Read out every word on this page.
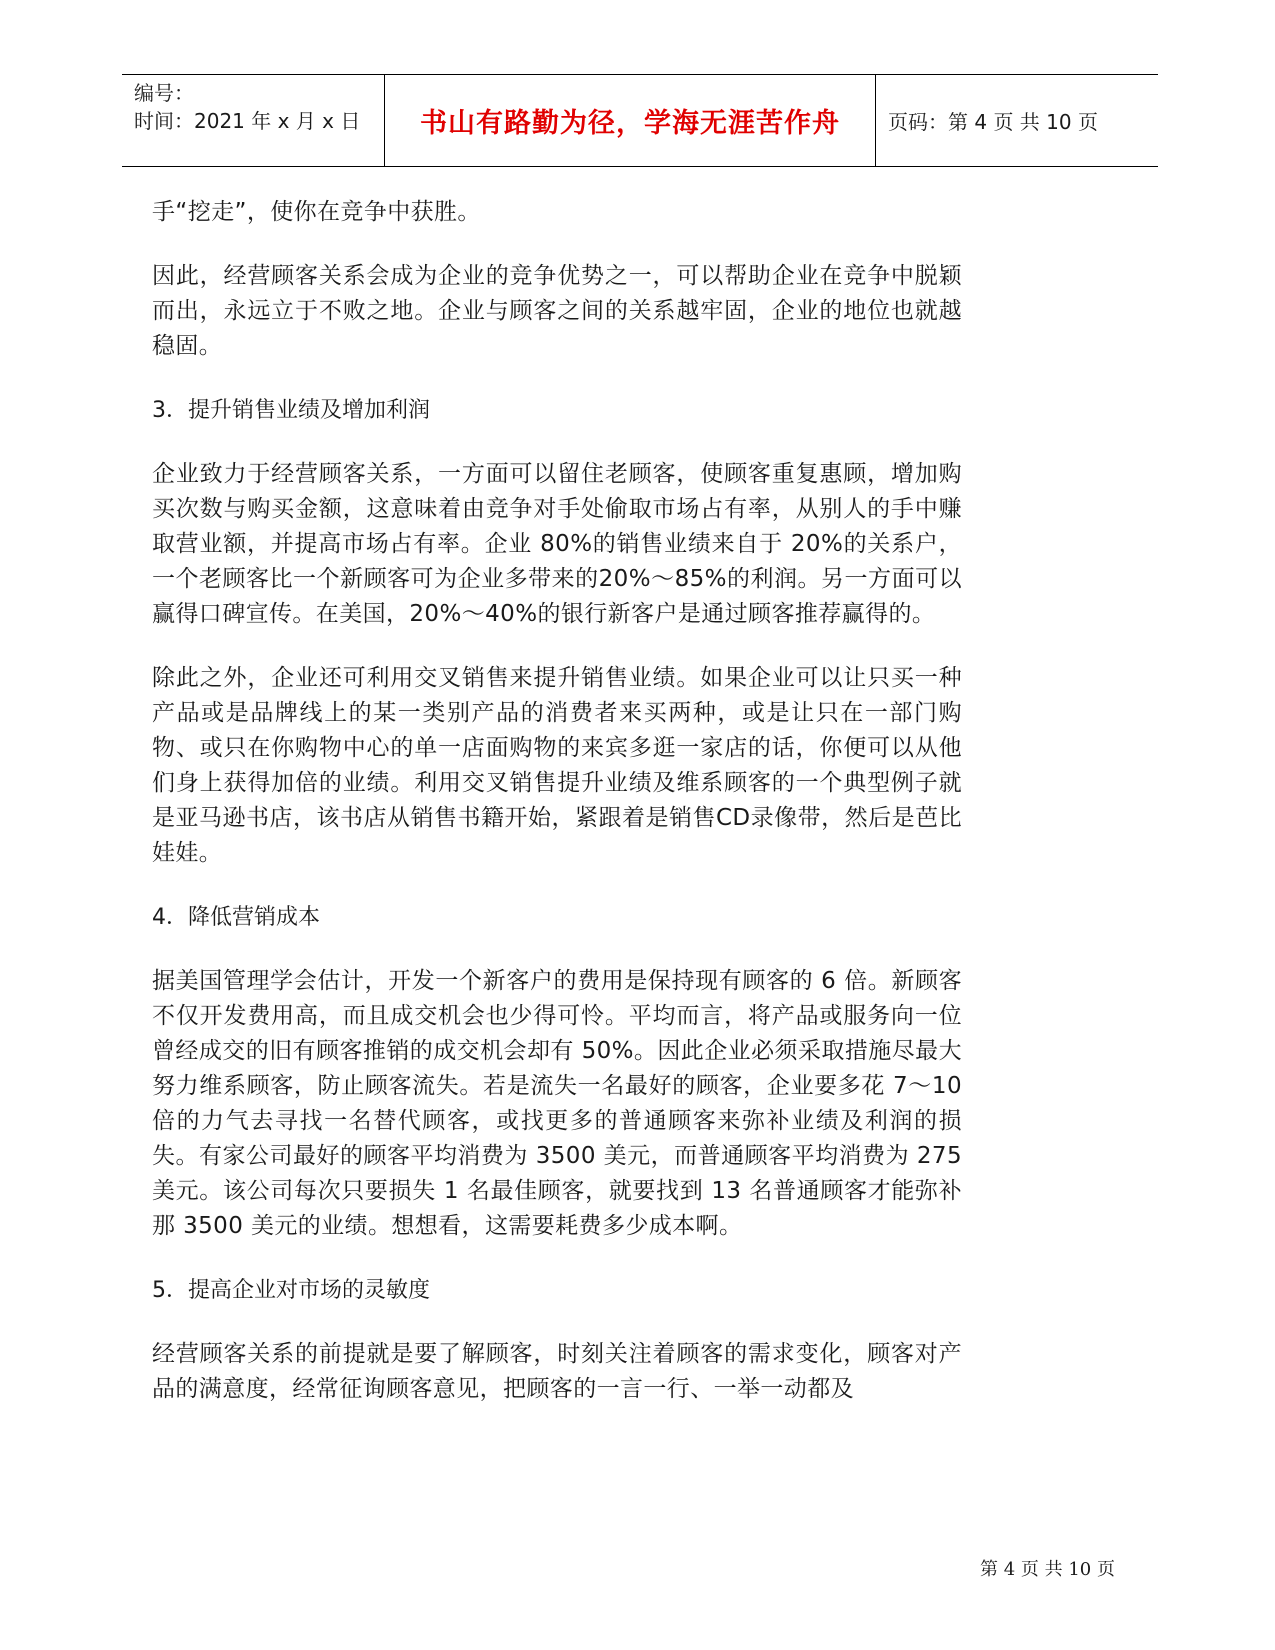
编号：
时间：2021 年 x 月 x 日	书山有路勤为径，学海无涯苦作舟 页码：第 4 页 共 10 页

手“挖走”，使你在竞争中获胜。

因此，经营顾客关系会成为企业的竞争优势之一，可以帮助企业在竞争中脱颖而出，永远立于不败之地。企业与顾客之间的关系越牢固，企业的地位也就越稳固。

3．提升销售业绩及增加利润

企业致力于经营顾客关系，一方面可以留住老顾客，使顾客重复惠顾，增加购买次数与购买金额，这意味着由竞争对手处偷取市场占有率，从别人的手中赚取营业额，并提高市场占有率。企业 80%的销售业绩来自于 20%的关系户，一个老顾客比一个新顾客可为企业多带来的20%～85%的利润。另一方面可以赢得口碑宣传。在美国，20%～40%的银行新客户是通过顾客推荐赢得的。

除此之外，企业还可利用交叉销售来提升销售业绩。如果企业可以让只买一种产品或是品牌线上的某一类别产品的消费者来买两种，或是让只在一部门购物、或只在你购物中心的单一店面购物的来宾多逛一家店的话，你便可以从他们身上获得加倍的业绩。利用交叉销售提升业绩及维系顾客的一个典型例子就是亚马逊书店，该书店从销售书籍开始，紧跟着是销售CD录像带，然后是芭比娃娃。

4．降低营销成本

据美国管理学会估计，开发一个新客户的费用是保持现有顾客的 6 倍。新顾客不仅开发费用高，而且成交机会也少得可怜。平均而言，将产品或服务向一位曾经成交的旧有顾客推销的成交机会却有 50%。因此企业必须采取措施尽最大努力维系顾客，防止顾客流失。若是流失一名最好的顾客，企业要多花 7～10 倍的力气去寻找一名替代顾客，或找更多的普通顾客来弥补业绩及利润的损失。有家公司最好的顾客平均消费为 3500 美元，而普通顾客平均消费为 275 美元。该公司每次只要损失 1 名最佳顾客，就要找到 13 名普通顾客才能弥补那 3500 美元的业绩。想想看，这需要耗费多少成本啊。

5．提高企业对市场的灵敏度

经营顾客关系的前提就是要了解顾客，时刻关注着顾客的需求变化，顾客对产品的满意度，经常征询顾客意见，把顾客的一言一行、一举一动都及

第 4 页 共 10 页
